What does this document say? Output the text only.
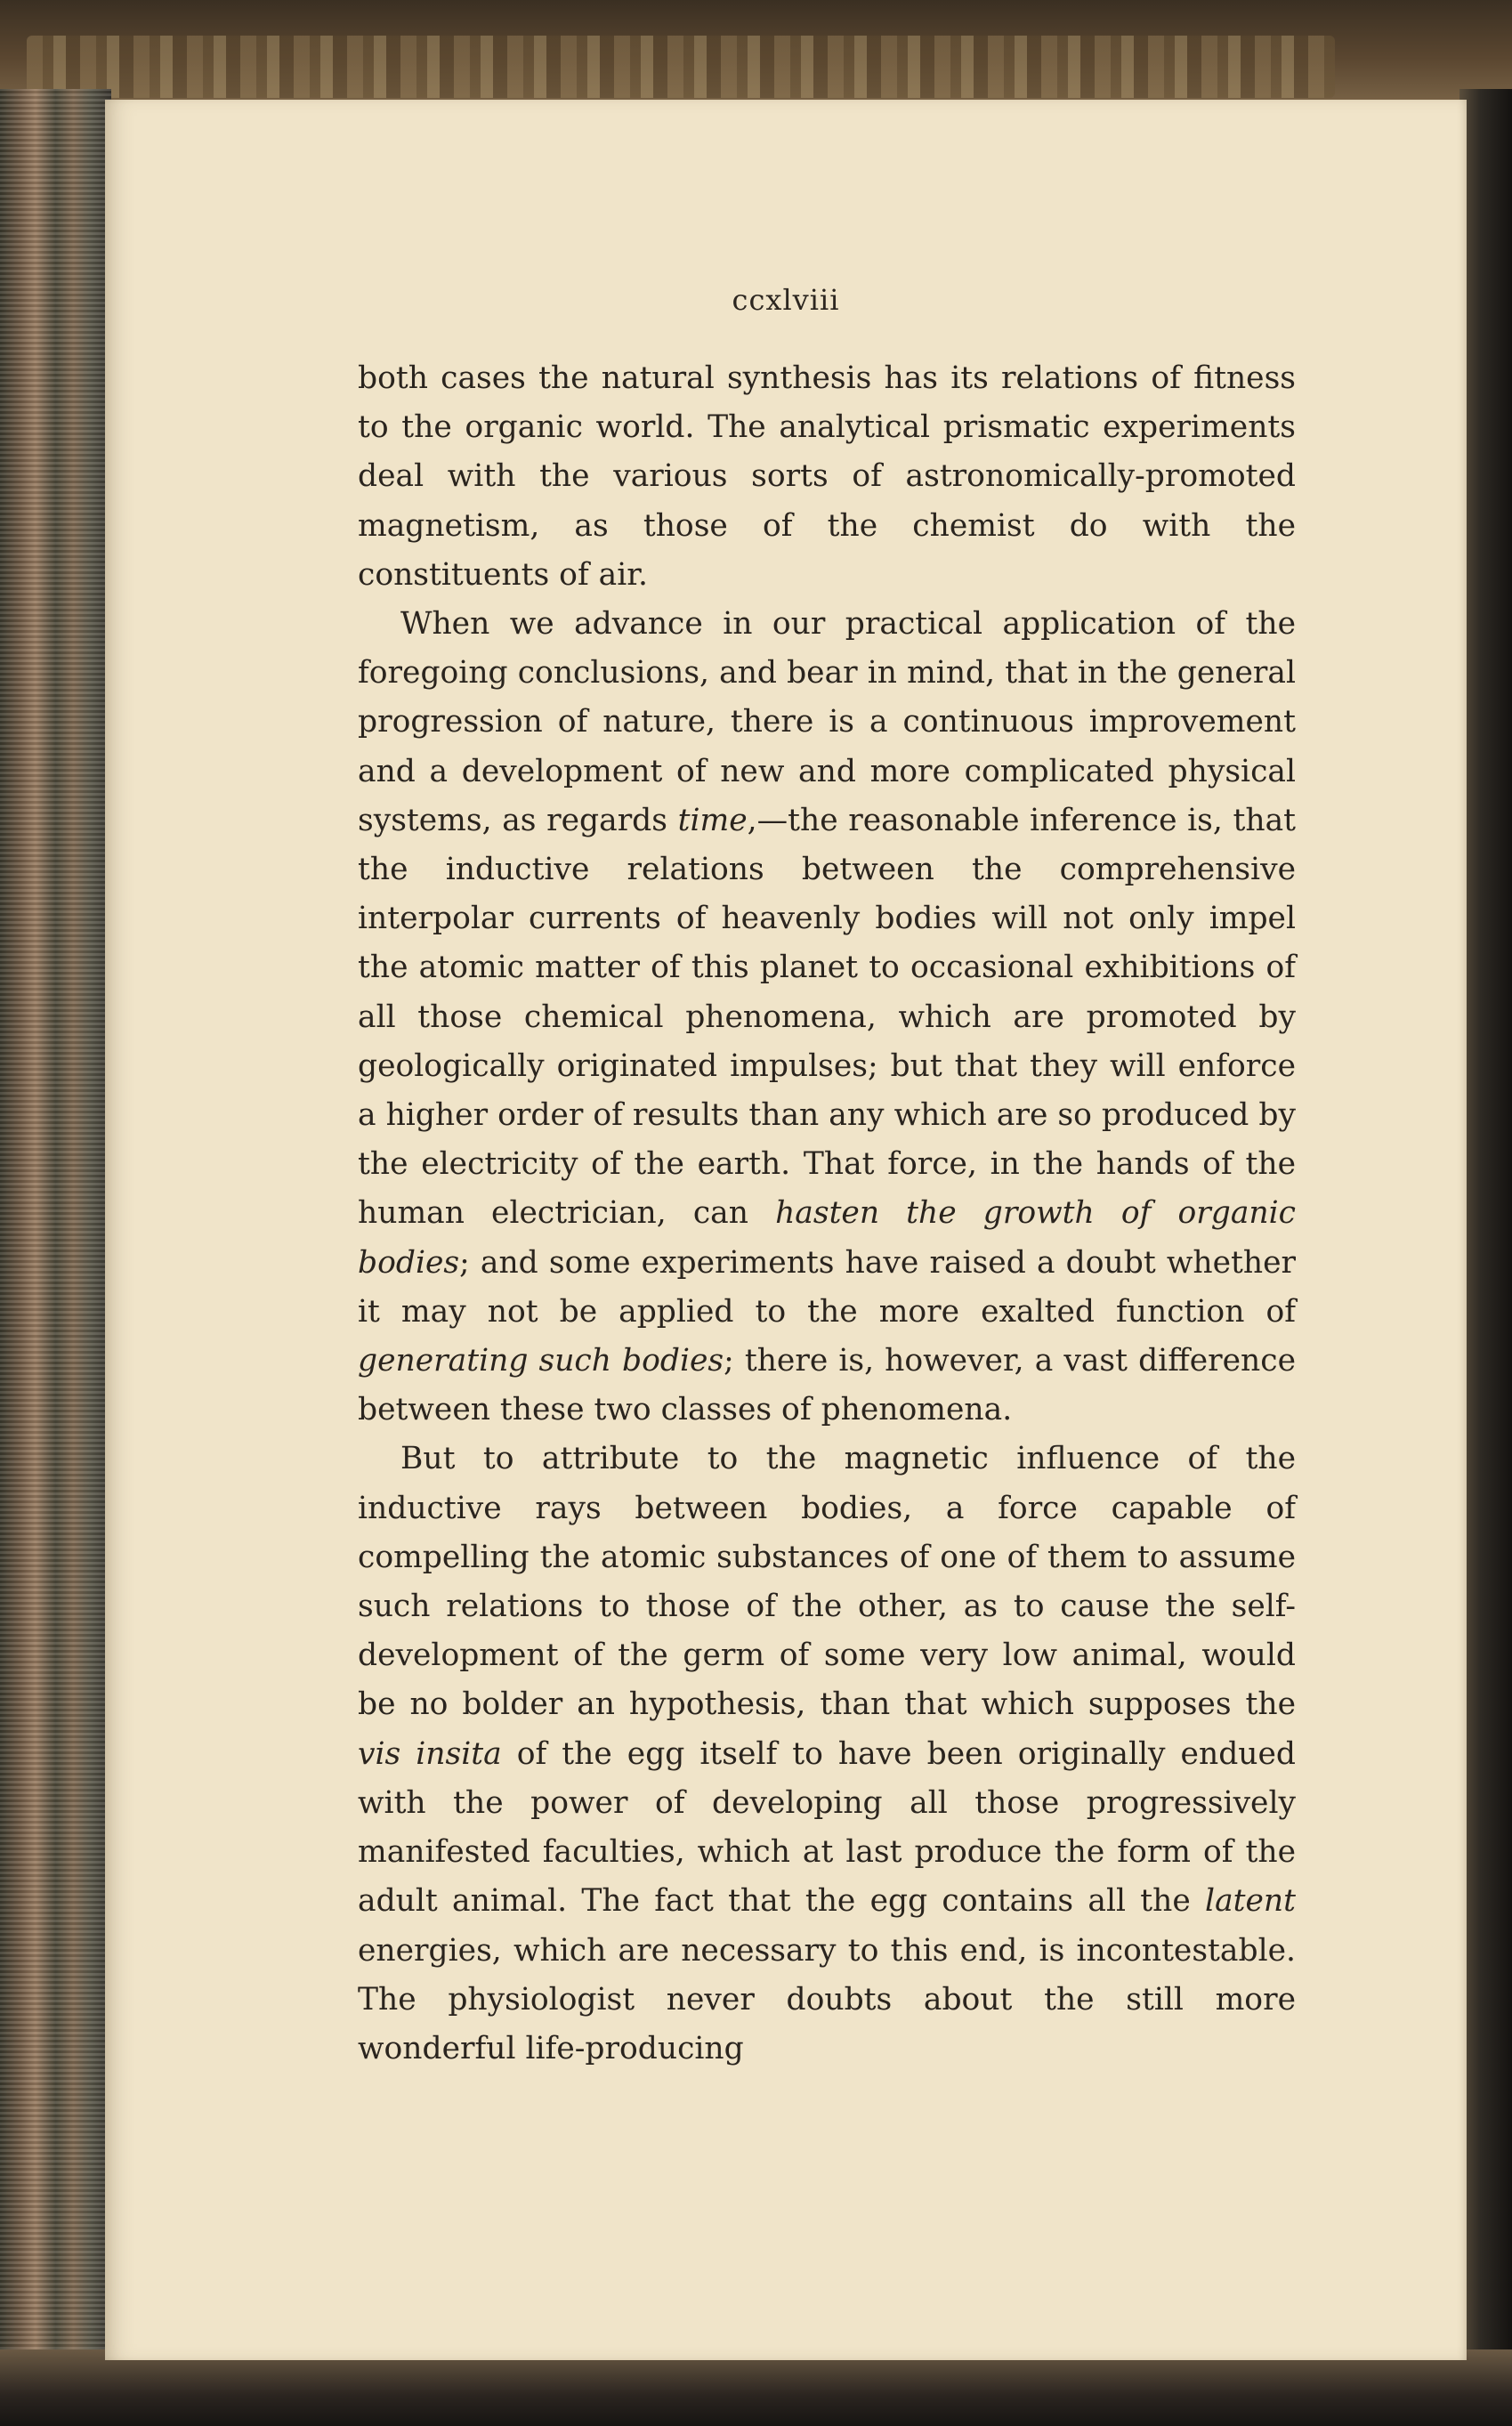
ccxlviii

both cases the natural synthesis has its relations of fitness to the organic world. The analytical prismatic experiments deal with the various sorts of astronomically-promoted magnetism, as those of the chemist do with the constituents of air.

When we advance in our practical application of the foregoing conclusions, and bear in mind, that in the general progression of nature, there is a continuous improvement and a development of new and more complicated physical systems, as regards time,—the reasonable inference is, that the inductive relations between the comprehensive interpolar currents of heavenly bodies will not only impel the atomic matter of this planet to occasional exhibitions of all those chemical phenomena, which are promoted by geologically originated impulses; but that they will enforce a higher order of results than any which are so produced by the electricity of the earth. That force, in the hands of the human electrician, can hasten the growth of organic bodies; and some experiments have raised a doubt whether it may not be applied to the more exalted function of generating such bodies; there is, however, a vast difference between these two classes of phenomena.

But to attribute to the magnetic influence of the inductive rays between bodies, a force capable of compelling the atomic substances of one of them to assume such relations to those of the other, as to cause the self-development of the germ of some very low animal, would be no bolder an hypothesis, than that which supposes the vis insita of the egg itself to have been originally endued with the power of developing all those progressively manifested faculties, which at last produce the form of the adult animal. The fact that the egg contains all the latent energies, which are necessary to this end, is incontestable. The physiologist never doubts about the still more wonderful life-producing
